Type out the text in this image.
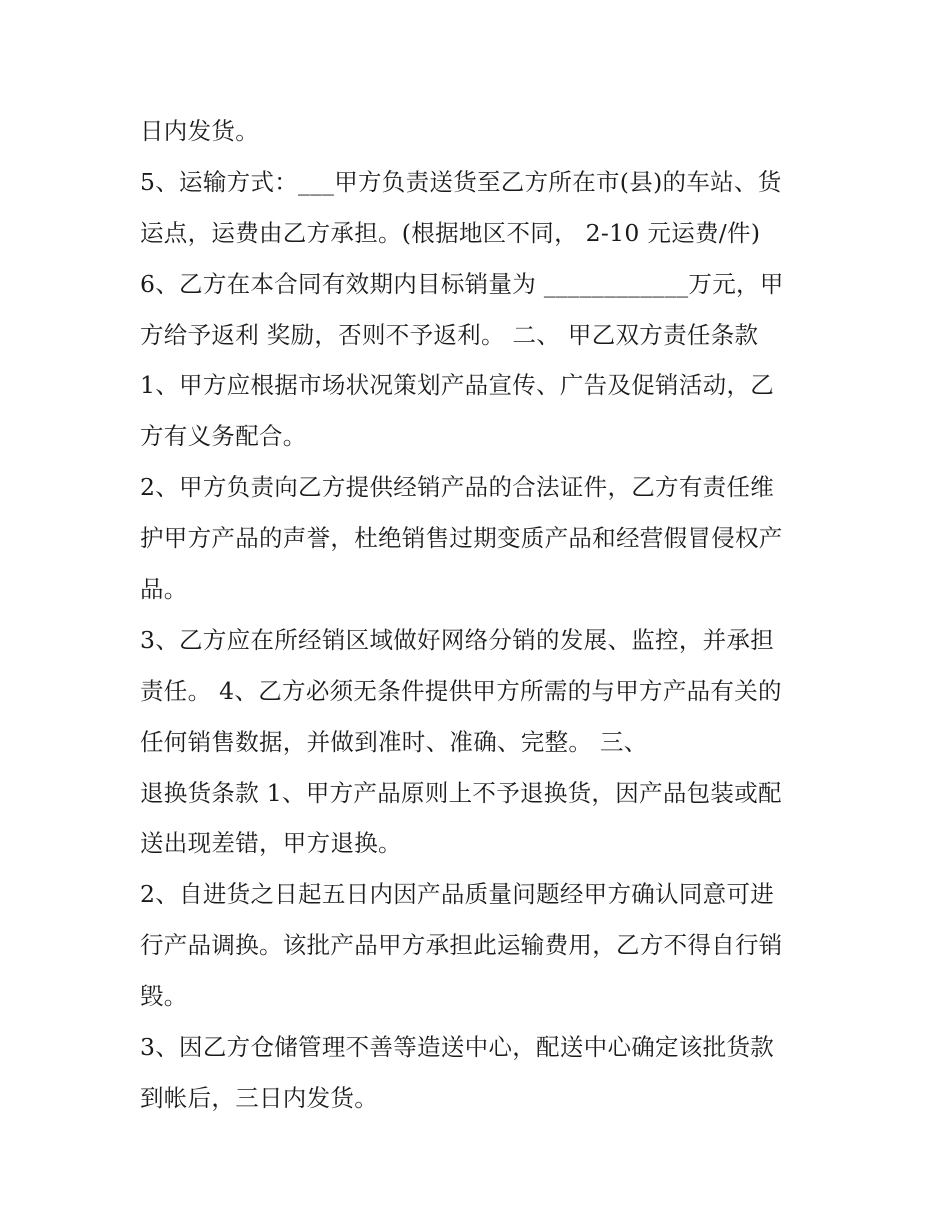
日内发货。
5、运输方式：___甲方负责送货至乙方所在市(县)的车站、货
运点，运费由乙方承担。(根据地区不同， 2-10 元运费/件)
6、乙方在本合同有效期内目标销量为 ____________万元，甲
方给予返利 奖励，否则不予返利。 二、 甲乙双方责任条款
1、甲方应根据市场状况策划产品宣传、广告及促销活动，乙
方有义务配合。
2、甲方负责向乙方提供经销产品的合法证件，乙方有责任维
护甲方产品的声誉，杜绝销售过期变质产品和经营假冒侵权产
品。
3、乙方应在所经销区域做好网络分销的发展、监控，并承担
责任。 4、乙方必须无条件提供甲方所需的与甲方产品有关的
任何销售数据，并做到准时、准确、完整。 三、
退换货条款 1、甲方产品原则上不予退换货，因产品包装或配
送出现差错，甲方退换。
2、自进货之日起五日内因产品质量问题经甲方确认同意可进
行产品调换。该批产品甲方承担此运输费用，乙方不得自行销
毁。
3、因乙方仓储管理不善等造送中心，配送中心确定该批货款
到帐后，三日内发货。
